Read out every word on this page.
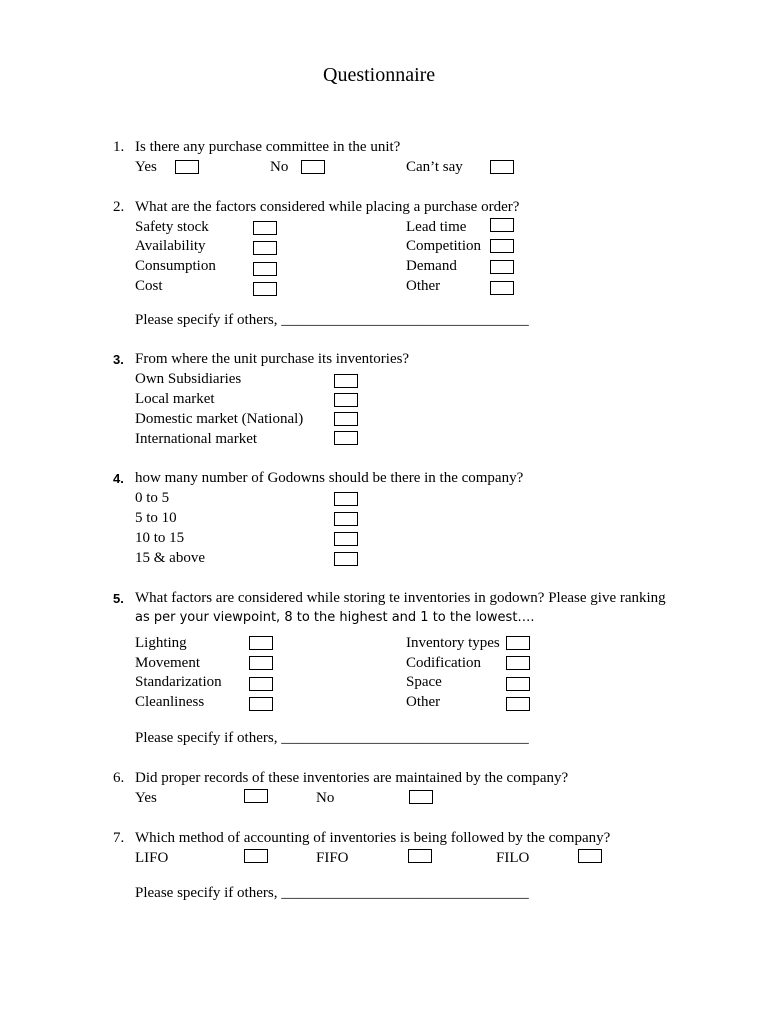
Questionnaire
1. Is there any purchase committee in the unit?
Yes	No	Can’t say
2. What are the factors considered while placing a purchase order?
Safety stock	Lead time
Availability	Competition
Consumption	Demand
Cost	Other
Please specify if others, _________________________________
3. From where the unit purchase its inventories?
Own Subsidiaries
Local market
Domestic market (National)
International market
4. how many number of Godowns should be there in the company?
0 to 5
5 to 10
10 to 15
15 & above
5. What factors are considered while storing te inventories in godown? Please give ranking
as per your viewpoint, 8 to the highest and 1 to the lowest….
Lighting	Inventory types
Movement	Codification
Standarization	Space
Cleanliness	Other
Please specify if others, _________________________________
6. Did proper records of these inventories are maintained by the company?
Yes	No
7. Which method of accounting of inventories is being followed by the company?
LIFO	FIFO	FILO
Please specify if others, _________________________________
